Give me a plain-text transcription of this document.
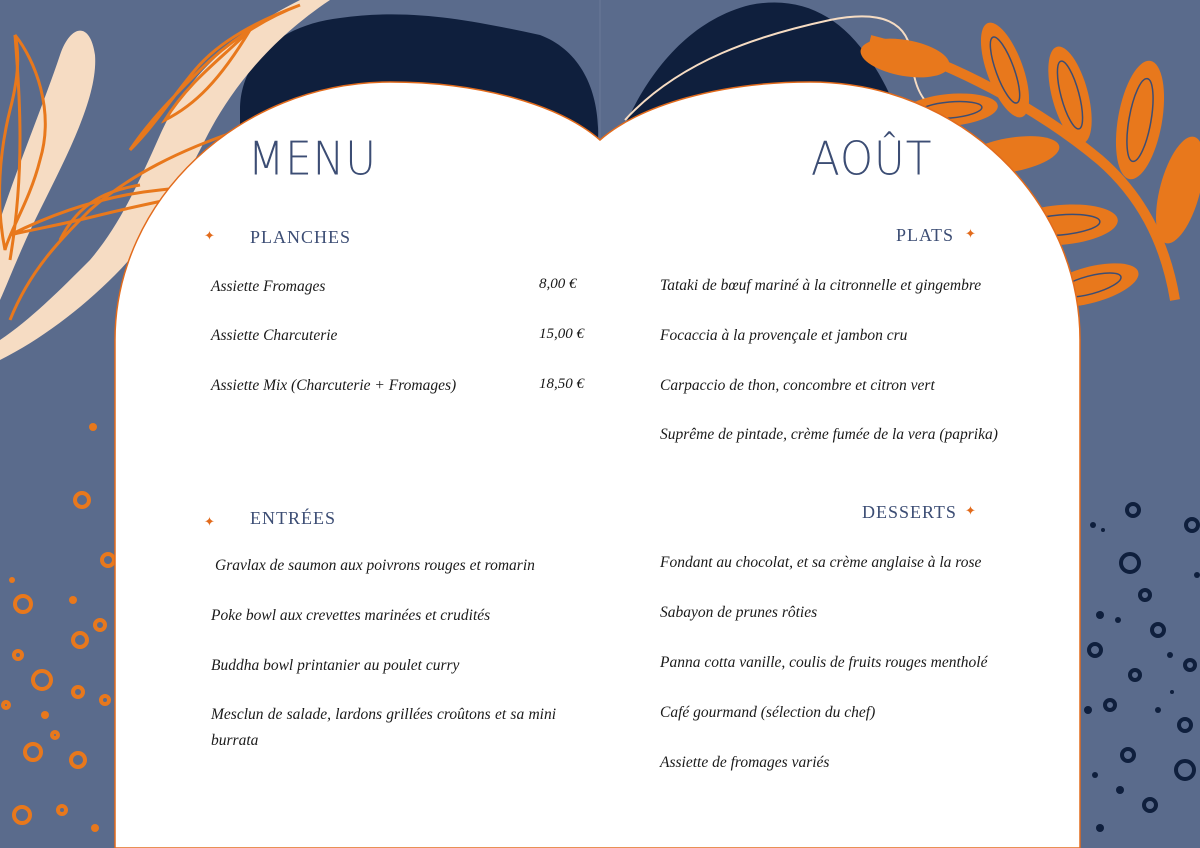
MENU	AOÛT
✦ PLANCHES
Assiette Fromages	8,00 €
Assiette Charcuterie	15,00 €
Assiette Mix (Charcuterie + Fromages)	18,50 €
✦ ENTRÉES
Gravlax de saumon aux poivrons rouges et romarin
Poke bowl aux crevettes marinées et crudités
Buddha bowl printanier au poulet curry
Mesclun de salade, lardons grillées croûtons et sa mini burrata
PLATS ✦
Tataki de bœuf mariné à la citronnelle et gingembre
Focaccia à la provençale et jambon cru
Carpaccio de thon, concombre et citron vert
Suprême de pintade, crème fumée de la vera (paprika)
DESSERTS ✦
Fondant au chocolat, et sa crème anglaise à la rose
Sabayon de prunes rôties
Panna cotta vanille, coulis de fruits rouges mentholé
Café gourmand (sélection du chef)
Assiette de fromages variés
